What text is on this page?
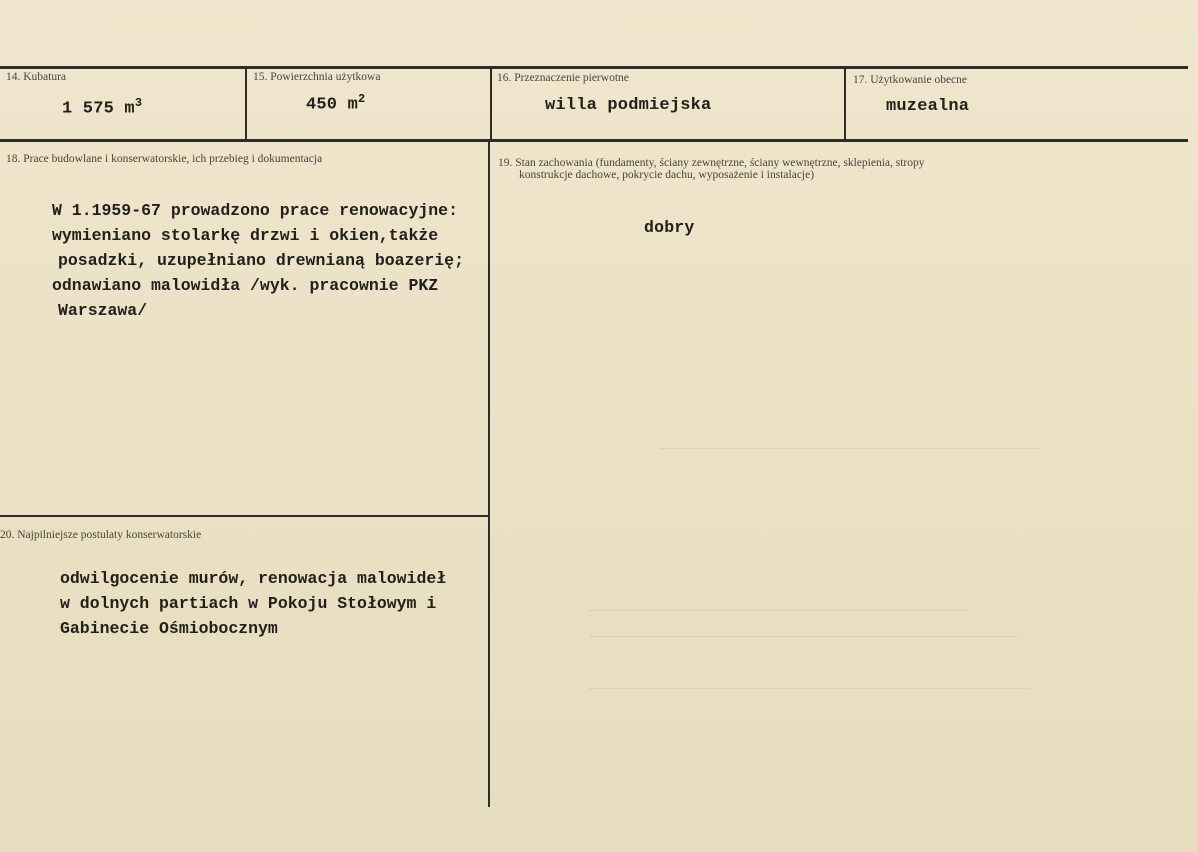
14. Kubatura
1 575 $m^3$
15. Powierzchnia użytkowa
450 $m^2$
16. Przeznaczenie pierwotne
willa podmiejska
17. Użytkowanie obecne
muzealna
18. Prace budowlane i konserwatorskie, ich przebieg i dokumentacja
W 1.1959-67 prowadzono prace renowacyjne:
wymieniano stolarkę drzwi i okien,także
posadzki, uzupełniano drewnianą boazerię;
odnawiano malowidła /wyk. pracownie PKZ
Warszawa/
19. Stan zachowania (fundamenty, ściany zewnętrzne, ściany wewnętrzne, sklepienia, stropy
konstrukcje dachowe, pokrycie dachu, wyposażenie i instalacje)
dobry
20. Najpilniejsze postulaty konserwatorskie
odwilgocenie murów, renowacja malowideł
w dolnych partiach w Pokoju Stołowym i
Gabinecie Ośmiobocznym
